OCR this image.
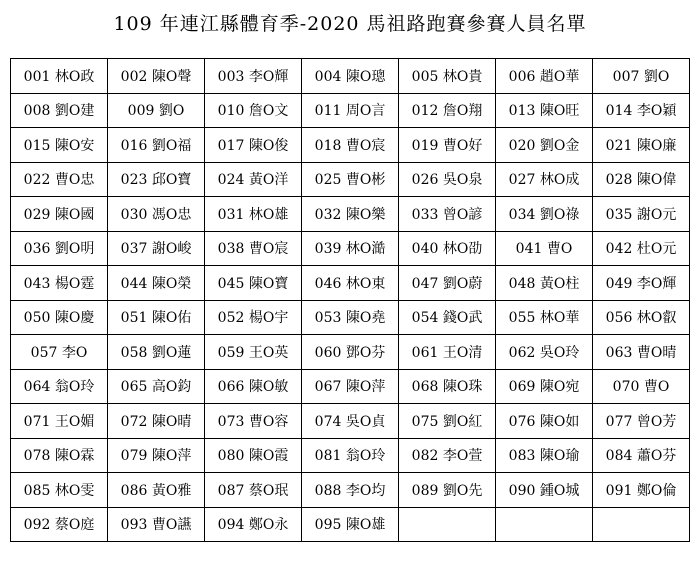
109 年連江縣體育季-2020 馬祖路跑賽參賽人員名單
001 林O政	002 陳O聲	003 李O輝	004 陳O璁	005 林O貴	006 趙O華	007 劉O
008 劉O建	009 劉O	010 詹O文	011 周O言	012 詹O翔	013 陳O旺	014 李O穎
015 陳O安	016 劉O福	017 陳O俊	018 曹O宸	019 曹O好	020 劉O金	021 陳O廉
022 曹O忠	023 邱O寶	024 黃O洋	025 曹O彬	026 吳O泉	027 林O成	028 陳O偉
029 陳O國	030 馮O忠	031 林O雄	032 陳O樂	033 曾O諺	034 劉O祿	035 謝O元
036 劉O明	037 謝O峻	038 曹O宸	039 林O澔	040 林O劭	041 曹O	042 杜O元
043 楊O霆	044 陳O榮	045 陳O寶	046 林O東	047 劉O蔚	048 黃O柱	049 李O輝
050 陳O慶	051 陳O佑	052 楊O宇	053 陳O堯	054 錢O武	055 林O華	056 林O叡
057 李O	058 劉O蓮	059 王O英	060 鄧O芬	061 王O清	062 吳O玲	063 曹O晴
064 翁O玲	065 高O鈞	066 陳O敏	067 陳O萍	068 陳O珠	069 陳O宛	070 曹O
071 王O媚	072 陳O晴	073 曹O容	074 吳O貞	075 劉O紅	076 陳O如	077 曾O芳
078 陳O霖	079 陳O萍	080 陳O霞	081 翁O玲	082 李O萱	083 陳O瑜	084 蕭O芬
085 林O雯	086 黃O雅	087 蔡O珉	088 李O均	089 劉O先	090 鍾O城	091 鄭O倫
092 蔡O庭	093 曹O讌	094 鄭O永	095 陳O雄			
